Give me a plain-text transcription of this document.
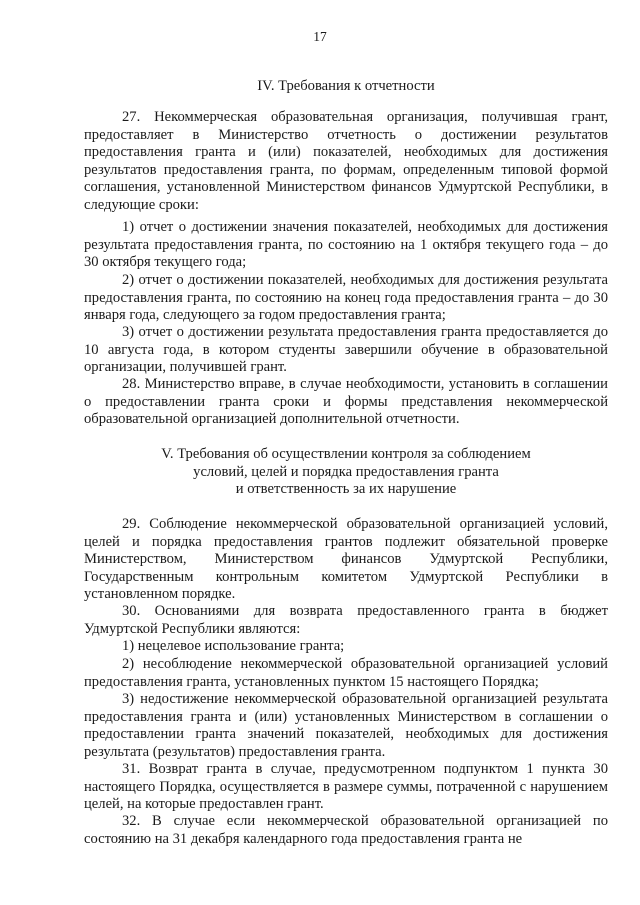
17
IV. Требования к отчетности

27. Некоммерческая образовательная организация, получившая грант, предоставляет в Министерство отчетность о достижении результатов предоставления гранта и (или) показателей, необходимых для достижения результатов предоставления гранта, по формам, определенным типовой формой соглашения, установленной Министерством финансов Удмуртской Республики, в следующие сроки:

1) отчет о достижении значения показателей, необходимых для достижения результата предоставления гранта, по состоянию на 1 октября текущего года – до 30 октября текущего года;

2) отчет о достижении показателей, необходимых для достижения результата предоставления гранта, по состоянию на конец года предоставления гранта – до 30 января года, следующего за годом предоставления гранта;

3) отчет о достижении результата предоставления гранта предоставляется до 10 августа года, в котором студенты завершили обучение в образовательной организации, получившей грант.

28. Министерство вправе, в случае необходимости, установить в соглашении о предоставлении гранта сроки и формы представления некоммерческой образовательной организацией дополнительной отчетности.

V. Требования об осуществлении контроля за соблюдением
условий, целей и порядка предоставления гранта
и ответственность за их нарушение

29. Соблюдение некоммерческой образовательной организацией условий, целей и порядка предоставления грантов подлежит обязательной проверке Министерством, Министерством финансов Удмуртской Республики, Государственным контрольным комитетом Удмуртской Республики в установленном порядке.

30. Основаниями для возврата предоставленного гранта в бюджет Удмуртской Республики являются:

1) нецелевое использование гранта;

2) несоблюдение некоммерческой образовательной организацией условий предоставления гранта, установленных пунктом 15 настоящего Порядка;

3) недостижение некоммерческой образовательной организацией результата предоставления гранта и (или) установленных Министерством в соглашении о предоставлении гранта значений показателей, необходимых для достижения результата (результатов) предоставления гранта.

31. Возврат гранта в случае, предусмотренном подпунктом 1 пункта 30 настоящего Порядка, осуществляется в размере суммы, потраченной с нарушением целей, на которые предоставлен грант.

32. В случае если некоммерческой образовательной организацией по состоянию на 31 декабря календарного года предоставления гранта не
